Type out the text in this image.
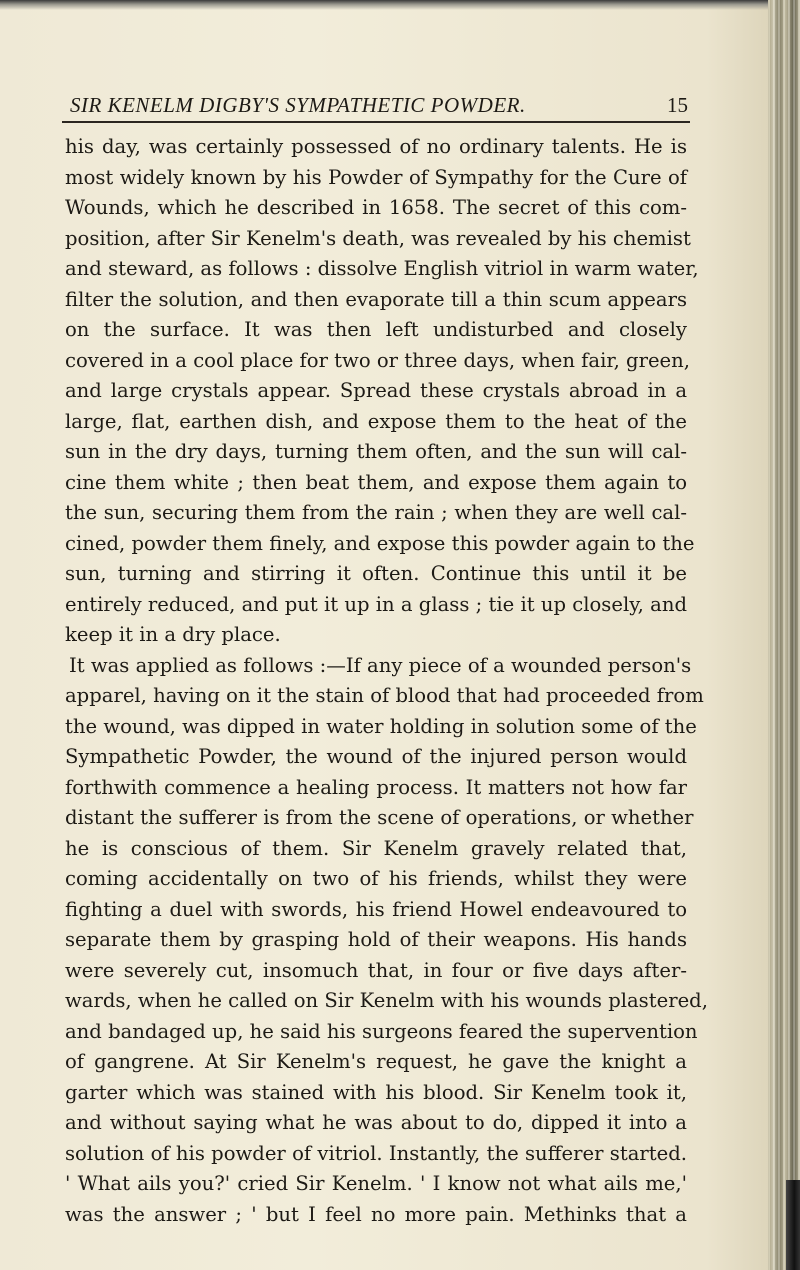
SIR KENELM DIGBY'S SYMPATHETIC POWDER.	15
his day, was certainly possessed of no ordinary talents. He is
most widely known by his Powder of Sympathy for the Cure of
Wounds, which he described in 1658. The secret of this com-
position, after Sir Kenelm's death, was revealed by his chemist
and steward, as follows : dissolve English vitriol in warm water,
filter the solution, and then evaporate till a thin scum appears
on the surface. It was then left undisturbed and closely
covered in a cool place for two or three days, when fair, green,
and large crystals appear. Spread these crystals abroad in a
large, flat, earthen dish, and expose them to the heat of the
sun in the dry days, turning them often, and the sun will cal-
cine them white ; then beat them, and expose them again to
the sun, securing them from the rain ; when they are well cal-
cined, powder them finely, and expose this powder again to the
sun, turning and stirring it often. Continue this until it be
entirely reduced, and put it up in a glass ; tie it up closely, and
keep it in a dry place.
It was applied as follows :—If any piece of a wounded person's
apparel, having on it the stain of blood that had proceeded from
the wound, was dipped in water holding in solution some of the
Sympathetic Powder, the wound of the injured person would
forthwith commence a healing process. It matters not how far
distant the sufferer is from the scene of operations, or whether
he is conscious of them. Sir Kenelm gravely related that,
coming accidentally on two of his friends, whilst they were
fighting a duel with swords, his friend Howel endeavoured to
separate them by grasping hold of their weapons. His hands
were severely cut, insomuch that, in four or five days after-
wards, when he called on Sir Kenelm with his wounds plastered,
and bandaged up, he said his surgeons feared the supervention
of gangrene. At Sir Kenelm's request, he gave the knight a
garter which was stained with his blood. Sir Kenelm took it,
and without saying what he was about to do, dipped it into a
solution of his powder of vitriol. Instantly, the sufferer started.
' What ails you?' cried Sir Kenelm. ' I know not what ails me,'
was the answer ; ' but I feel no more pain. Methinks that a
